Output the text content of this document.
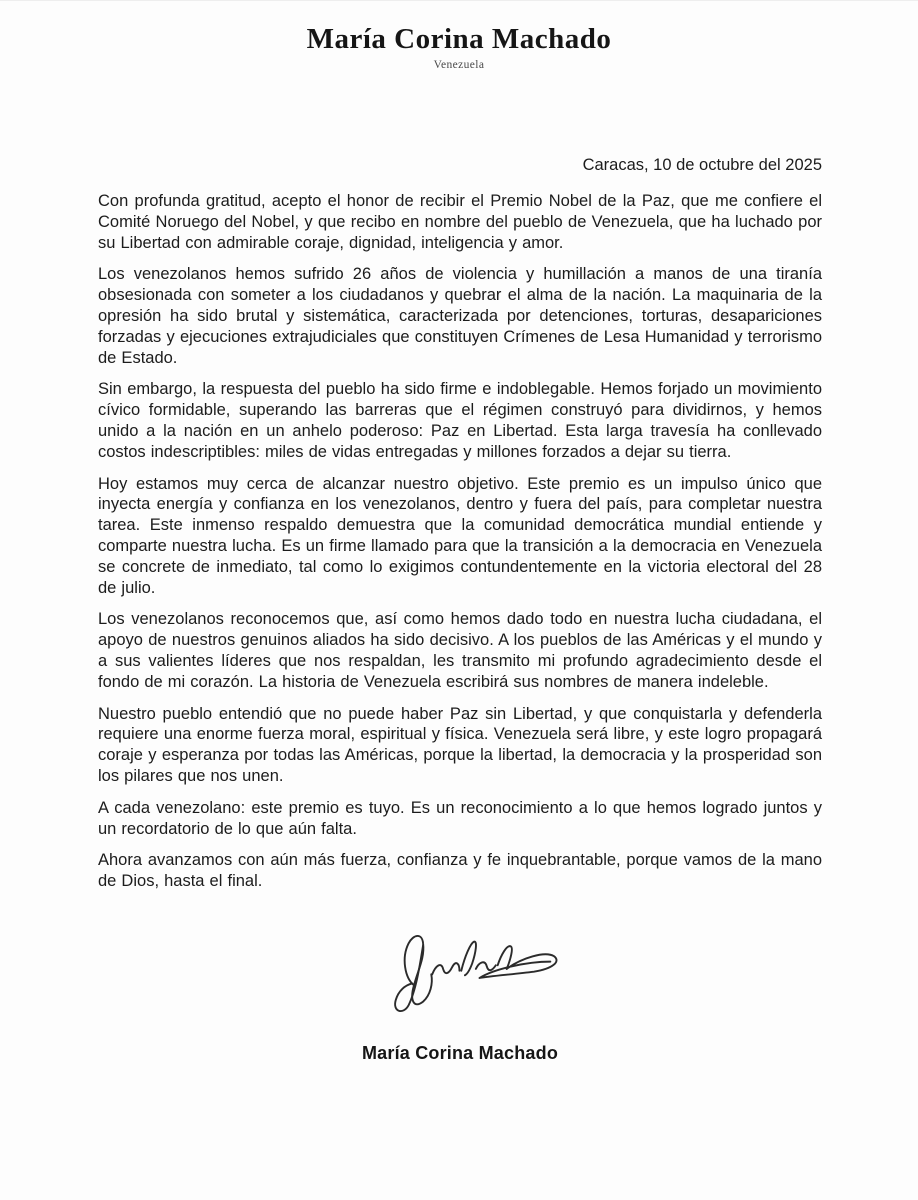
María Corina Machado
Venezuela
Caracas, 10 de octubre del 2025

Con profunda gratitud, acepto el honor de recibir el Premio Nobel de la Paz, que me confiere el Comité Noruego del Nobel, y que recibo en nombre del pueblo de Venezuela, que ha luchado por su Libertad con admirable coraje, dignidad, inteligencia y amor.

Los venezolanos hemos sufrido 26 años de violencia y humillación a manos de una tiranía obsesionada con someter a los ciudadanos y quebrar el alma de la nación. La maquinaria de la opresión ha sido brutal y sistemática, caracterizada por detenciones, torturas, desapariciones forzadas y ejecuciones extrajudiciales que constituyen Crímenes de Lesa Humanidad y terrorismo de Estado.

Sin embargo, la respuesta del pueblo ha sido firme e indoblegable. Hemos forjado un movimiento cívico formidable, superando las barreras que el régimen construyó para dividirnos, y hemos unido a la nación en un anhelo poderoso: Paz en Libertad. Esta larga travesía ha conllevado costos indescriptibles: miles de vidas entregadas y millones forzados a dejar su tierra.

Hoy estamos muy cerca de alcanzar nuestro objetivo. Este premio es un impulso único que inyecta energía y confianza en los venezolanos, dentro y fuera del país, para completar nuestra tarea. Este inmenso respaldo demuestra que la comunidad democrática mundial entiende y comparte nuestra lucha. Es un firme llamado para que la transición a la democracia en Venezuela se concrete de inmediato, tal como lo exigimos contundentemente en la victoria electoral del 28 de julio.

Los venezolanos reconocemos que, así como hemos dado todo en nuestra lucha ciudadana, el apoyo de nuestros genuinos aliados ha sido decisivo. A los pueblos de las Américas y el mundo y a sus valientes líderes que nos respaldan, les transmito mi profundo agradecimiento desde el fondo de mi corazón. La historia de Venezuela escribirá sus nombres de manera indeleble.

Nuestro pueblo entendió que no puede haber Paz sin Libertad, y que conquistarla y defenderla requiere una enorme fuerza moral, espiritual y física. Venezuela será libre, y este logro propagará coraje y esperanza por todas las Américas, porque la libertad, la democracia y la prosperidad son los pilares que nos unen.

A cada venezolano: este premio es tuyo. Es un reconocimiento a lo que hemos logrado juntos y un recordatorio de lo que aún falta.

Ahora avanzamos con aún más fuerza, confianza y fe inquebrantable, porque vamos de la mano de Dios, hasta el final.

María Corina Machado
